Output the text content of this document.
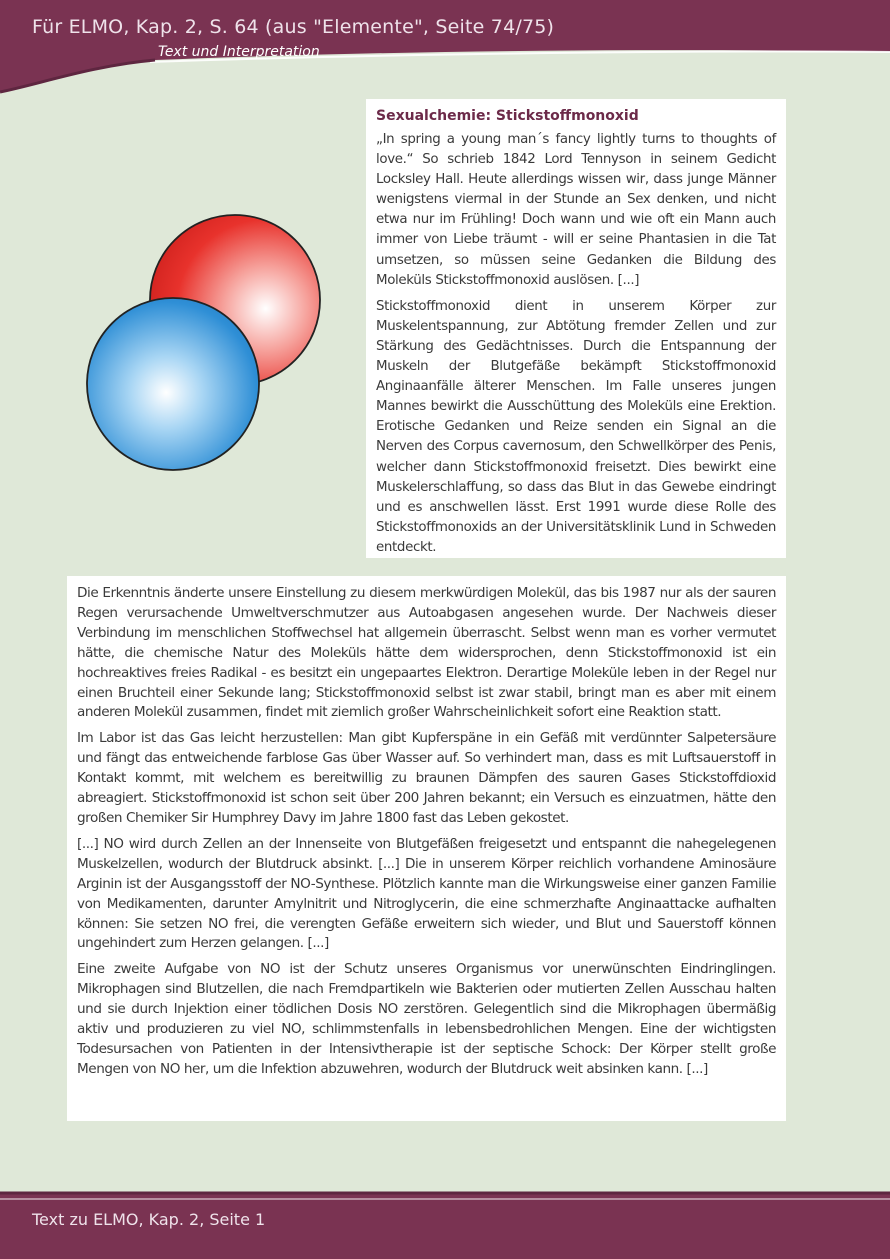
Für ELMO, Kap. 2, S. 64 (aus "Elemente", Seite 74/75)
Text und Interpretation
Sexualchemie: Stickstoffmonoxid

„In spring a young man´s fancy lightly turns to thoughts of love.“ So schrieb 1842 Lord Tennyson in seinem Gedicht Locksley Hall. Heute allerdings wissen wir, dass junge Männer wenigstens viermal in der Stunde an Sex denken, und nicht etwa nur im Frühling! Doch wann und wie oft ein Mann auch immer von Liebe träumt - will er seine Phantasien in die Tat umsetzen, so müssen seine Gedanken die Bildung des Moleküls Stickstoffmonoxid auslösen. [...]

Stickstoffmonoxid dient in unserem Körper zur Muskelentspannung, zur Abtötung fremder Zellen und zur Stärkung des Gedächtnisses. Durch die Entspannung der Muskeln der Blutgefäße bekämpft Stickstoffmonoxid Anginaanfälle älterer Menschen. Im Falle unseres jungen Mannes bewirkt die Ausschüttung des Moleküls eine Erektion. Erotische Gedanken und Reize senden ein Signal an die Nerven des Corpus cavernosum, den Schwellkörper des Penis, welcher dann Stickstoffmonoxid freisetzt. Dies bewirkt eine Muskelerschlaffung, so dass das Blut in das Gewebe eindringt und es anschwellen lässt. Erst 1991 wurde diese Rolle des Stickstoffmonoxids an der Universitätsklinik Lund in Schweden entdeckt.

Die Erkenntnis änderte unsere Einstellung zu diesem merkwürdigen Molekül, das bis 1987 nur als der sauren Regen verursachende Umweltverschmutzer aus Autoabgasen angesehen wurde. Der Nachweis dieser Verbindung im menschlichen Stoffwechsel hat allgemein überrascht. Selbst wenn man es vorher vermutet hätte, die chemische Natur des Moleküls hätte dem widersprochen, denn Stickstoffmonoxid ist ein hochreaktives freies Radikal - es besitzt ein ungepaartes Elektron. Derartige Moleküle leben in der Regel nur einen Bruchteil einer Sekunde lang; Stickstoffmonoxid selbst ist zwar stabil, bringt man es aber mit einem anderen Molekül zusammen, findet mit ziemlich großer Wahrscheinlichkeit sofort eine Reaktion statt.

Im Labor ist das Gas leicht herzustellen: Man gibt Kupferspäne in ein Gefäß mit verdünnter Salpetersäure und fängt das entweichende farblose Gas über Wasser auf. So verhindert man, dass es mit Luftsauerstoff in Kontakt kommt, mit welchem es bereitwillig zu braunen Dämpfen des sauren Gases Stickstoffdioxid abreagiert. Stickstoffmonoxid ist schon seit über 200 Jahren bekannt; ein Versuch es einzuatmen, hätte den großen Chemiker Sir Humphrey Davy im Jahre 1800 fast das Leben gekostet.

[...] NO wird durch Zellen an der Innenseite von Blutgefäßen freigesetzt und entspannt die nahegelegenen Muskelzellen, wodurch der Blutdruck absinkt. [...] Die in unserem Körper reichlich vorhandene Aminosäure Arginin ist der Ausgangsstoff der NO-Synthese. Plötzlich kannte man die Wirkungsweise einer ganzen Familie von Medikamenten, darunter Amylnitrit und Nitroglycerin, die eine schmerzhafte Anginaattacke aufhalten können: Sie setzen NO frei, die verengten Gefäße erweitern sich wieder, und Blut und Sauerstoff können ungehindert zum Herzen gelangen. [...]

Eine zweite Aufgabe von NO ist der Schutz unseres Organismus vor unerwünschten Eindringlingen. Mikrophagen sind Blutzellen, die nach Fremdpartikeln wie Bakterien oder mutierten Zellen Ausschau halten und sie durch Injektion einer tödlichen Dosis NO zerstören. Gelegentlich sind die Mikrophagen übermäßig aktiv und produzieren zu viel NO, schlimmstenfalls in lebensbedrohlichen Mengen. Eine der wichtigsten Todesursachen von Patienten in der Intensivtherapie ist der septische Schock: Der Körper stellt große Mengen von NO her, um die Infektion abzuwehren, wodurch der Blutdruck weit absinken kann. [...]

Text zu ELMO, Kap. 2, Seite 1
